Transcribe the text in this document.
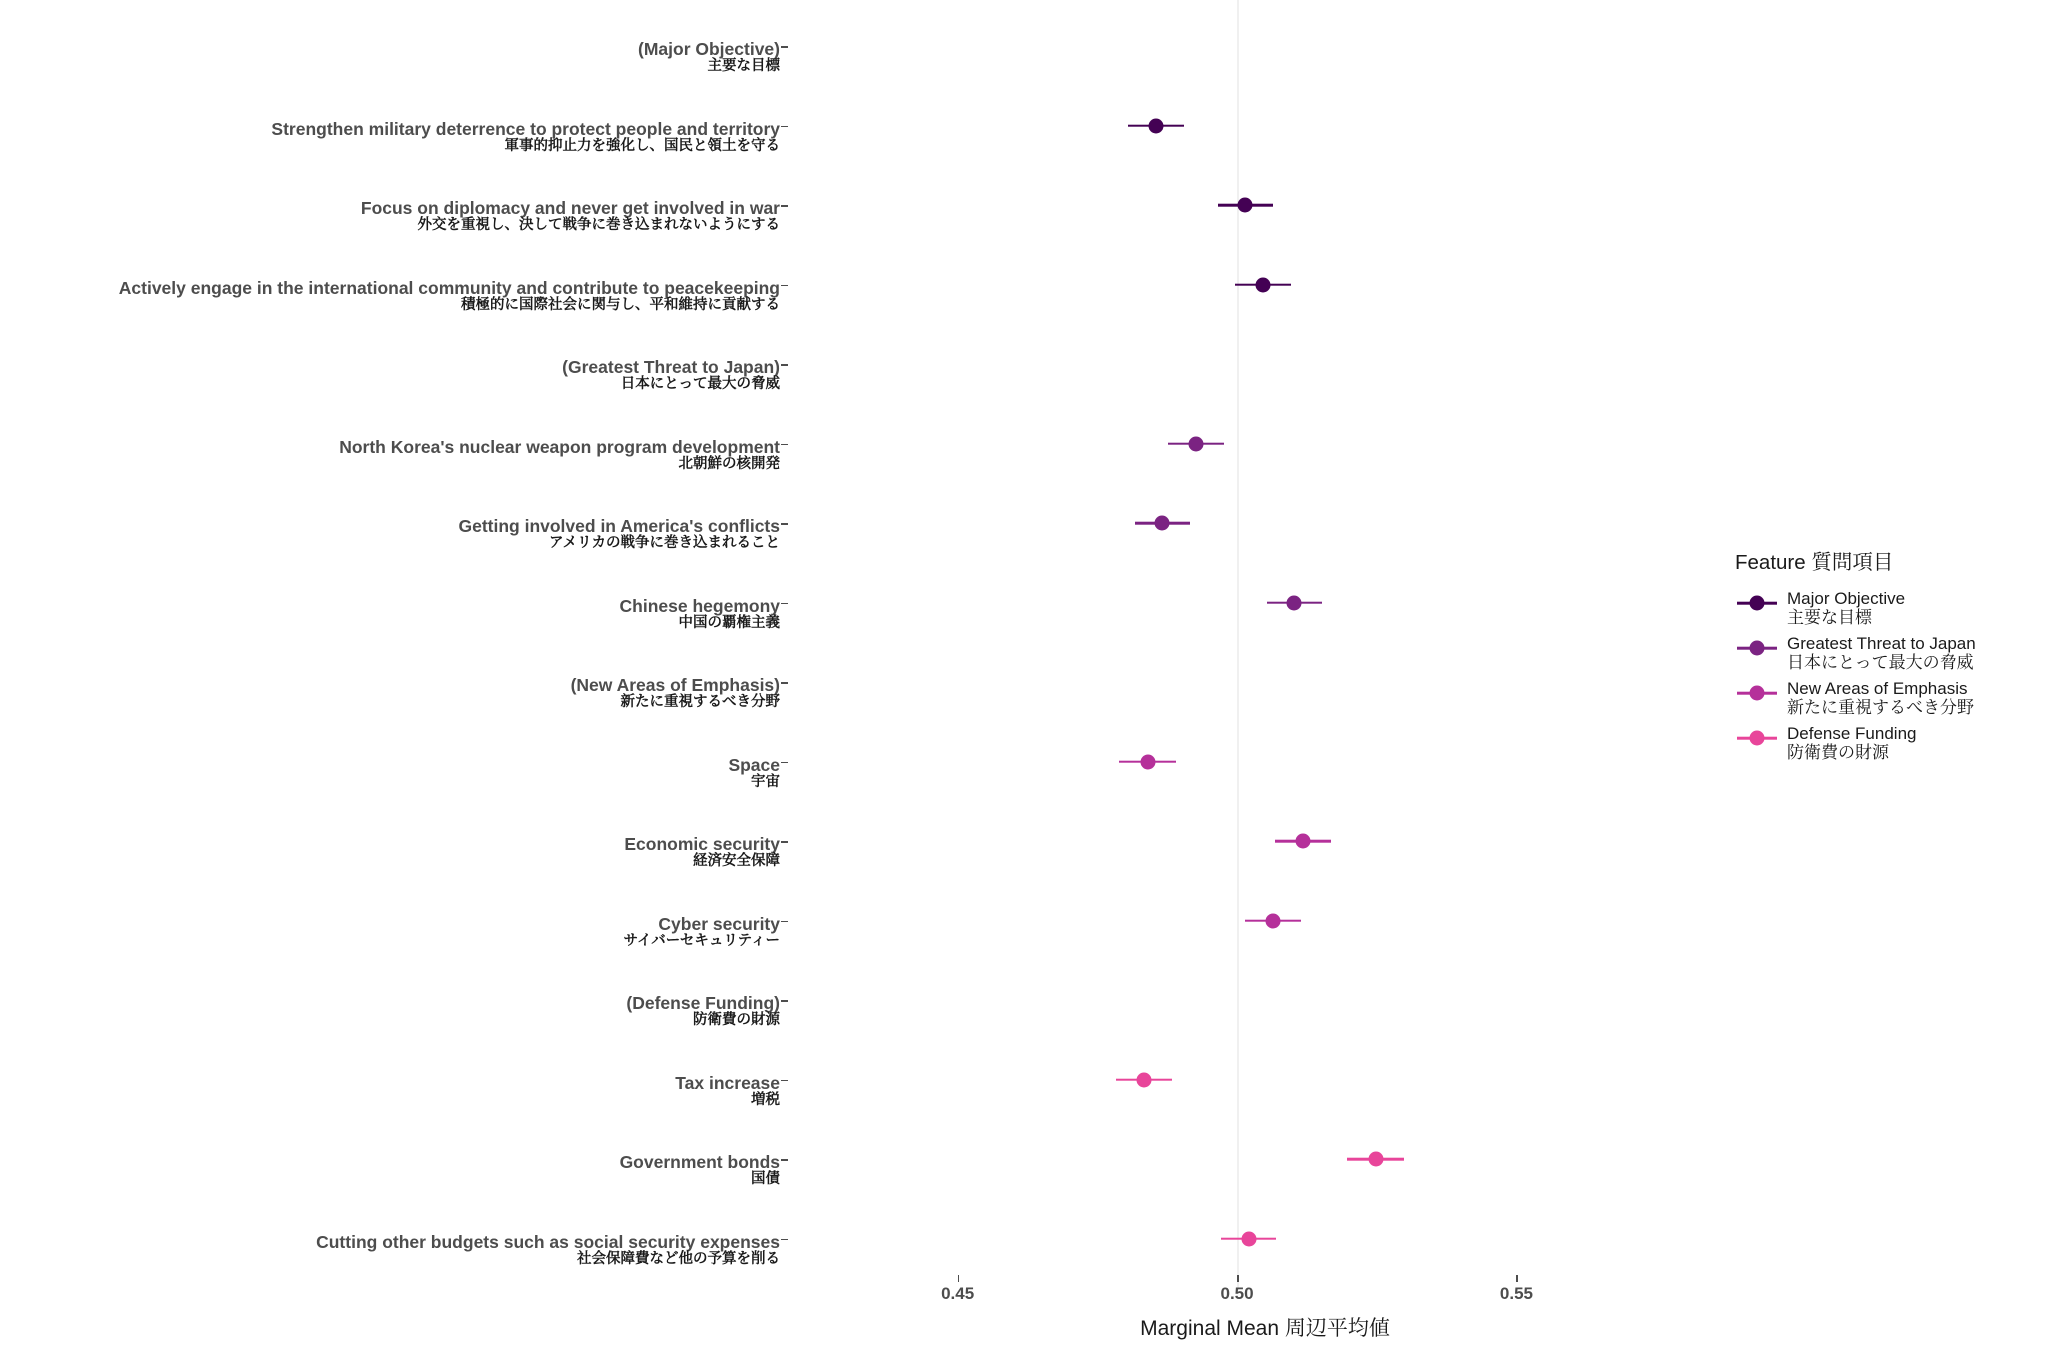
(Major Objective)
主要な目標
Strengthen military deterrence to protect people and territory
軍事的抑止力を強化し、国民と領土を守る
Focus on diplomacy and never get involved in war
外交を重視し、決して戦争に巻き込まれないようにする
Actively engage in the international community and contribute to peacekeeping
積極的に国際社会に関与し、平和維持に貢献する
(Greatest Threat to Japan)
日本にとって最大の脅威
North Korea's nuclear weapon program development
北朝鮮の核開発
Getting involved in America's conflicts
アメリカの戦争に巻き込まれること
Chinese hegemony
中国の覇権主義
(New Areas of Emphasis)
新たに重視するべき分野
Space
宇宙
Economic security
経済安全保障
Cyber security
サイバーセキュリティー
(Defense Funding)
防衛費の財源
Tax increase
増税
Government bonds
国債
Cutting other budgets such as social security expenses
社会保障費など他の予算を削る
0.45	0.50	0.55
Marginal Mean 周辺平均値
Feature 質問項目
Major Objective
主要な目標
Greatest Threat to Japan
日本にとって最大の脅威
New Areas of Emphasis
新たに重視するべき分野
Defense Funding
防衛費の財源
